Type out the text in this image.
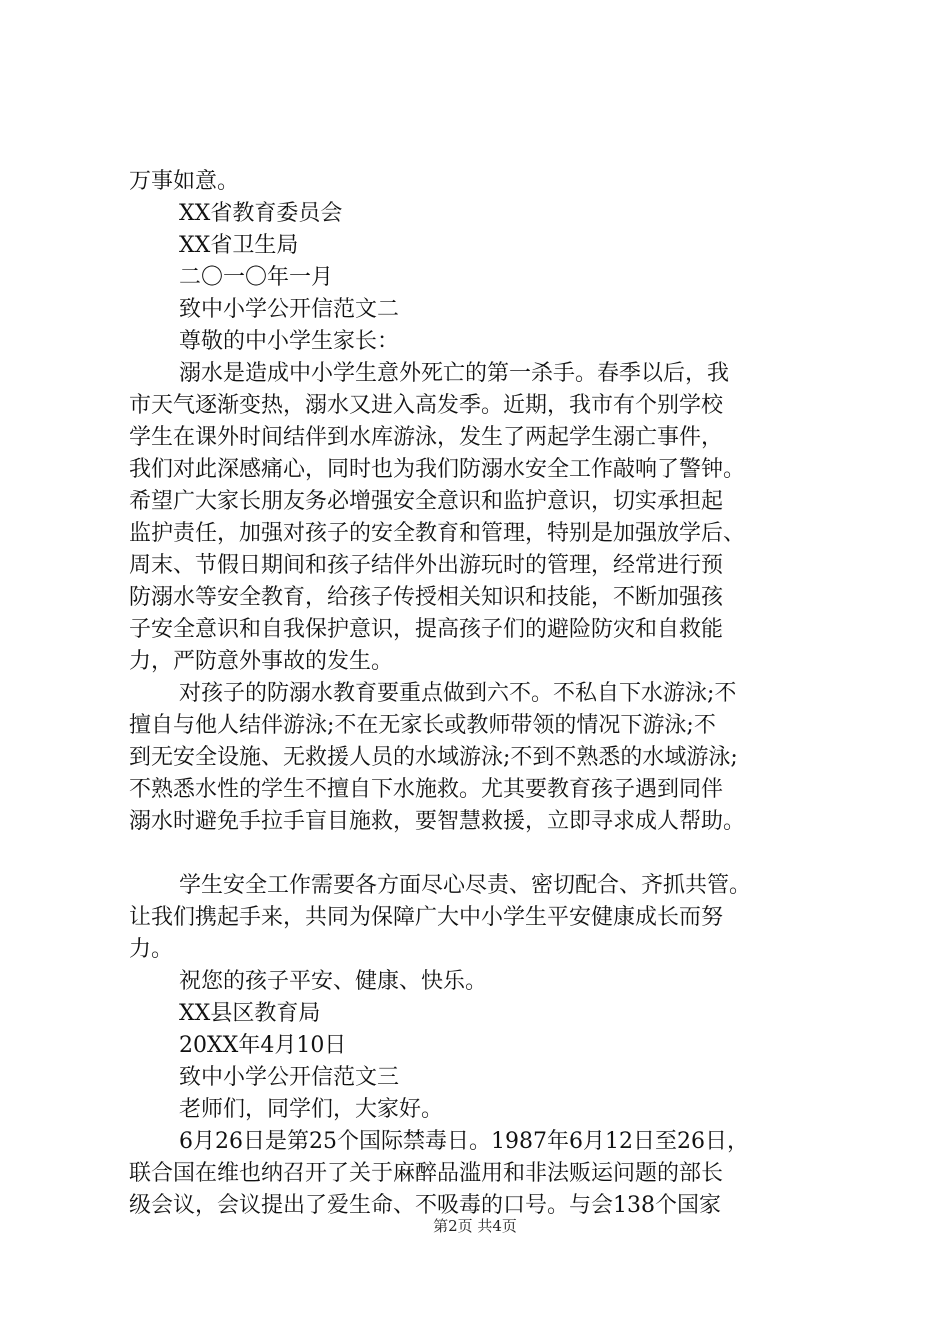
万事如意。
XX省教育委员会
XX省卫生局
二〇一〇年一月
致中小学公开信范文二
尊敬的中小学生家长：
溺水是造成中小学生意外死亡的第一杀手。春季以后，我
市天气逐渐变热，溺水又进入高发季。近期，我市有个别学校
学生在课外时间结伴到水库游泳，发生了两起学生溺亡事件，
我们对此深感痛心，同时也为我们防溺水安全工作敲响了警钟。
希望广大家长朋友务必增强安全意识和监护意识，切实承担起
监护责任，加强对孩子的安全教育和管理，特别是加强放学后、
周末、节假日期间和孩子结伴外出游玩时的管理，经常进行预
防溺水等安全教育，给孩子传授相关知识和技能，不断加强孩
子安全意识和自我保护意识，提高孩子们的避险防灾和自救能
力，严防意外事故的发生。
对孩子的防溺水教育要重点做到六不。不私自下水游泳;不
擅自与他人结伴游泳;不在无家长或教师带领的情况下游泳;不
到无安全设施、无救援人员的水域游泳;不到不熟悉的水域游泳;
不熟悉水性的学生不擅自下水施救。尤其要教育孩子遇到同伴
溺水时避免手拉手盲目施救，要智慧救援，立即寻求成人帮助。
学生安全工作需要各方面尽心尽责、密切配合、齐抓共管。
让我们携起手来，共同为保障广大中小学生平安健康成长而努
力。
祝您的孩子平安、健康、快乐。
XX县区教育局
20XX年4月10日
致中小学公开信范文三
老师们，同学们，大家好。
6月26日是第25个国际禁毒日。1987年6月12日至26日，
联合国在维也纳召开了关于麻醉品滥用和非法贩运问题的部长
级会议，会议提出了爱生命、不吸毒的口号。与会138个国家
第2页 共4页
